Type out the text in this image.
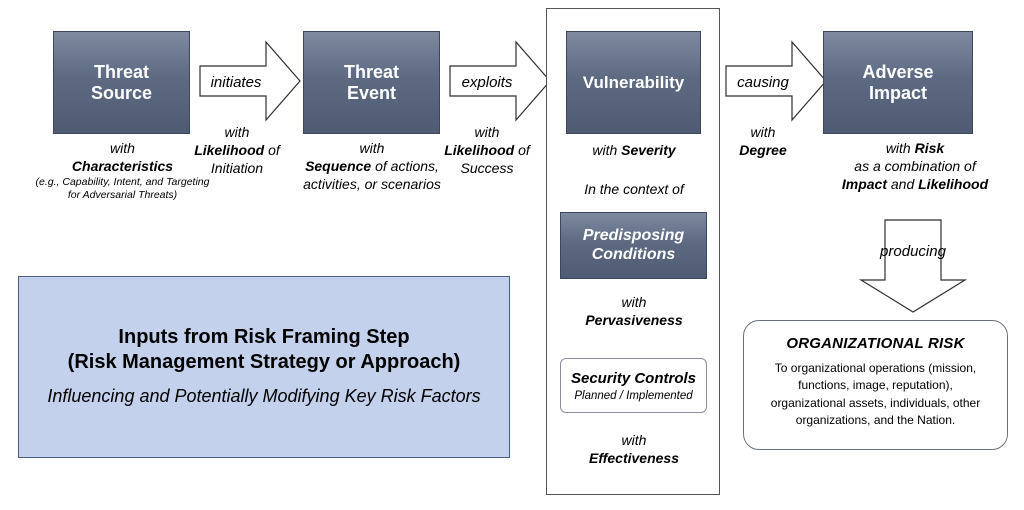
Threat
Source
with
Characteristics
(e.g., Capability, Intent, and Targeting for Adversarial Threats)
initiates
with
Likelihood of Initiation
Threat
Event
with
Sequence of actions, activities, or scenarios
exploits
with
Likelihood of Success
Vulnerability
with Severity
In the context of
Predisposing
Conditions
with
Pervasiveness
Security Controls
Planned / Implemented
with
Effectiveness
causing
with
Degree
Adverse
Impact
with Risk
as a combination of
Impact and Likelihood
producing
ORGANIZATIONAL RISK
To organizational operations (mission, functions, image, reputation), organizational assets, individuals, other organizations, and the Nation.
Inputs from Risk Framing Step
(Risk Management Strategy or Approach)
Influencing and Potentially Modifying Key Risk Factors
